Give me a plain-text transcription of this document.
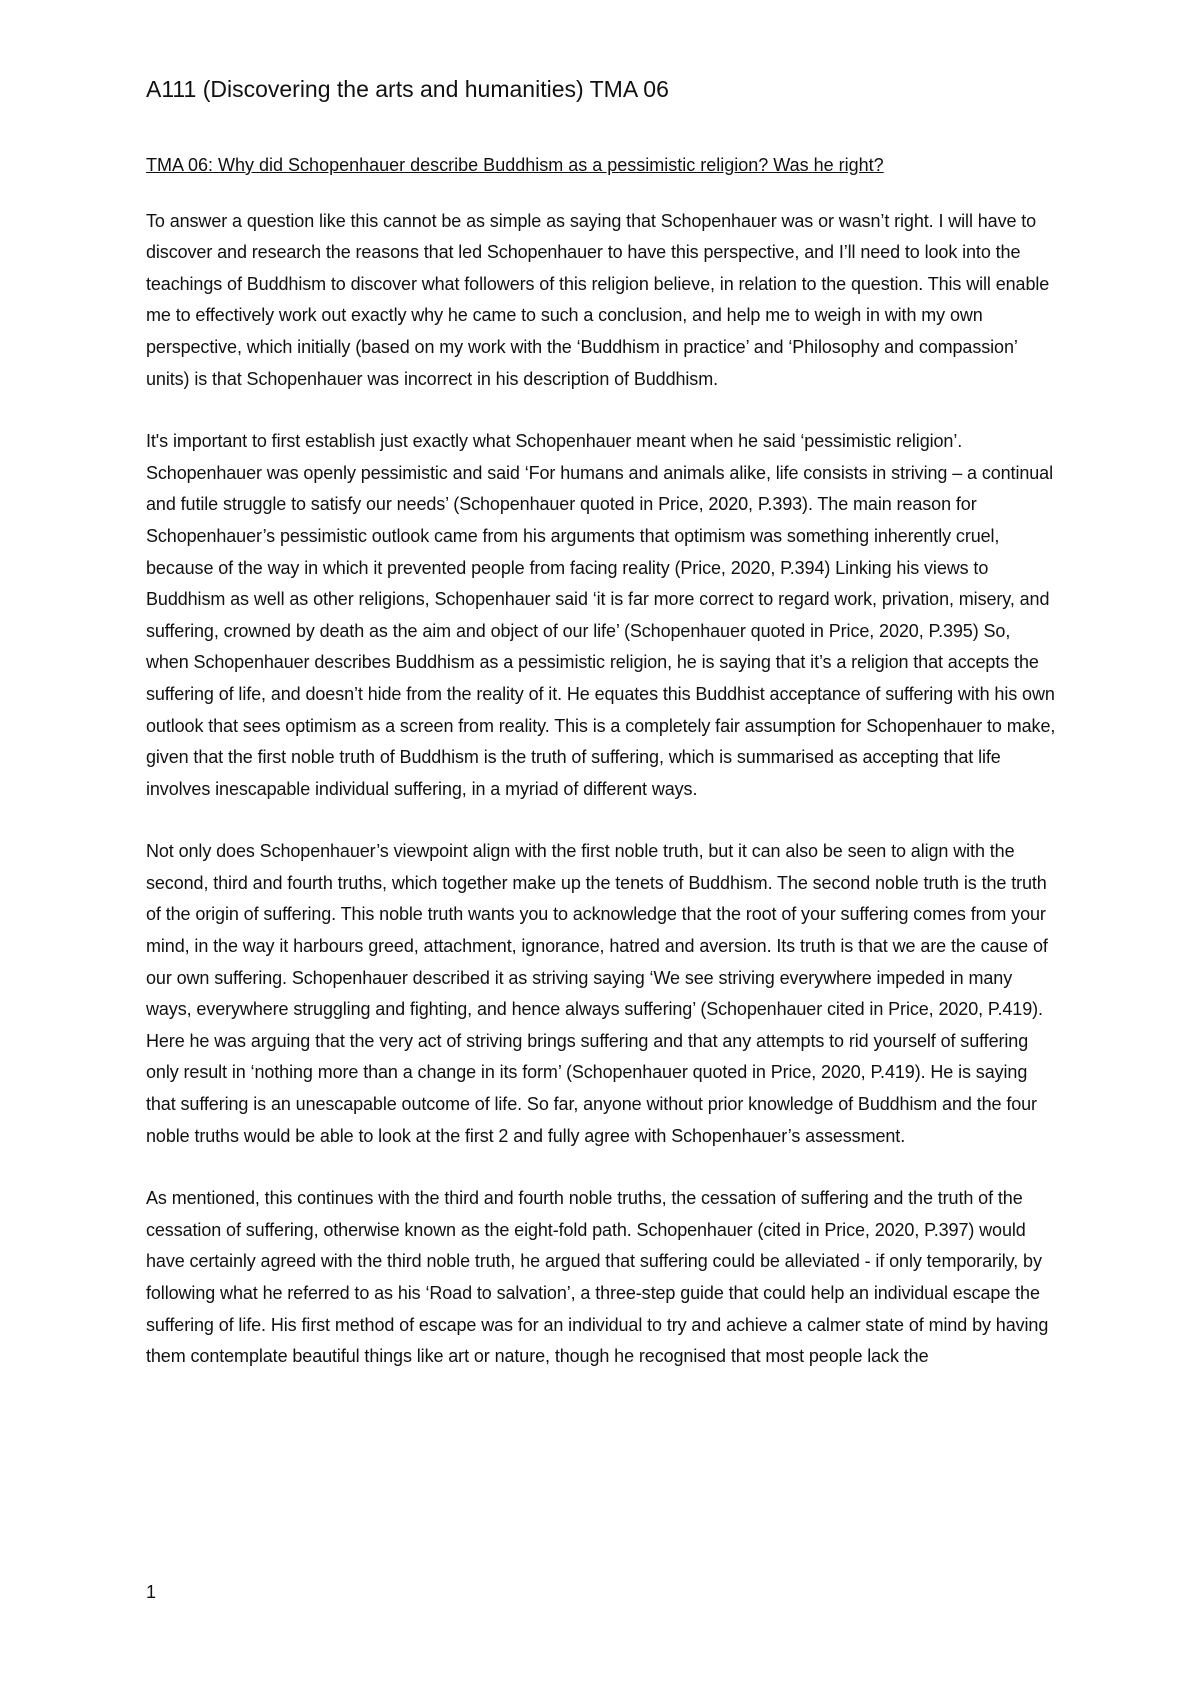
A111 (Discovering the arts and humanities) TMA 06

TMA 06: Why did Schopenhauer describe Buddhism as a pessimistic religion? Was he right?

To answer a question like this cannot be as simple as saying that Schopenhauer was or wasn’t right. I will have to discover and research the reasons that led Schopenhauer to have this perspective, and I’ll need to look into the teachings of Buddhism to discover what followers of this religion believe, in relation to the question. This will enable me to effectively work out exactly why he came to such a conclusion, and help me to weigh in with my own perspective, which initially (based on my work with the ‘Buddhism in practice’ and ‘Philosophy and compassion’ units) is that Schopenhauer was incorrect in his description of Buddhism.

It's important to first establish just exactly what Schopenhauer meant when he said ‘pessimistic religion’. Schopenhauer was openly pessimistic and said ‘For humans and animals alike, life consists in striving – a continual and futile struggle to satisfy our needs’ (Schopenhauer quoted in Price, 2020, P.393). The main reason for Schopenhauer’s pessimistic outlook came from his arguments that optimism was something inherently cruel, because of the way in which it prevented people from facing reality (Price, 2020, P.394) Linking his views to Buddhism as well as other religions, Schopenhauer said ‘it is far more correct to regard work, privation, misery, and suffering, crowned by death as the aim and object of our life’ (Schopenhauer quoted in Price, 2020, P.395) So, when Schopenhauer describes Buddhism as a pessimistic religion, he is saying that it’s a religion that accepts the suffering of life, and doesn’t hide from the reality of it. He equates this Buddhist acceptance of suffering with his own outlook that sees optimism as a screen from reality. This is a completely fair assumption for Schopenhauer to make, given that the first noble truth of Buddhism is the truth of suffering, which is summarised as accepting that life involves inescapable individual suffering, in a myriad of different ways.

Not only does Schopenhauer’s viewpoint align with the first noble truth, but it can also be seen to align with the second, third and fourth truths, which together make up the tenets of Buddhism. The second noble truth is the truth of the origin of suffering. This noble truth wants you to acknowledge that the root of your suffering comes from your mind, in the way it harbours greed, attachment, ignorance, hatred and aversion. Its truth is that we are the cause of our own suffering. Schopenhauer described it as striving saying ‘We see striving everywhere impeded in many ways, everywhere struggling and fighting, and hence always suffering’ (Schopenhauer cited in Price, 2020, P.419). Here he was arguing that the very act of striving brings suffering and that any attempts to rid yourself of suffering only result in ‘nothing more than a change in its form’ (Schopenhauer quoted in Price, 2020, P.419). He is saying that suffering is an unescapable outcome of life. So far, anyone without prior knowledge of Buddhism and the four noble truths would be able to look at the first 2 and fully agree with Schopenhauer’s assessment.

As mentioned, this continues with the third and fourth noble truths, the cessation of suffering and the truth of the cessation of suffering, otherwise known as the eight-fold path. Schopenhauer (cited in Price, 2020, P.397) would have certainly agreed with the third noble truth, he argued that suffering could be alleviated - if only temporarily, by following what he referred to as his ‘Road to salvation’, a three-step guide that could help an individual escape the suffering of life. His first method of escape was for an individual to try and achieve a calmer state of mind by having them contemplate beautiful things like art or nature, though he recognised that most people lack the

1
